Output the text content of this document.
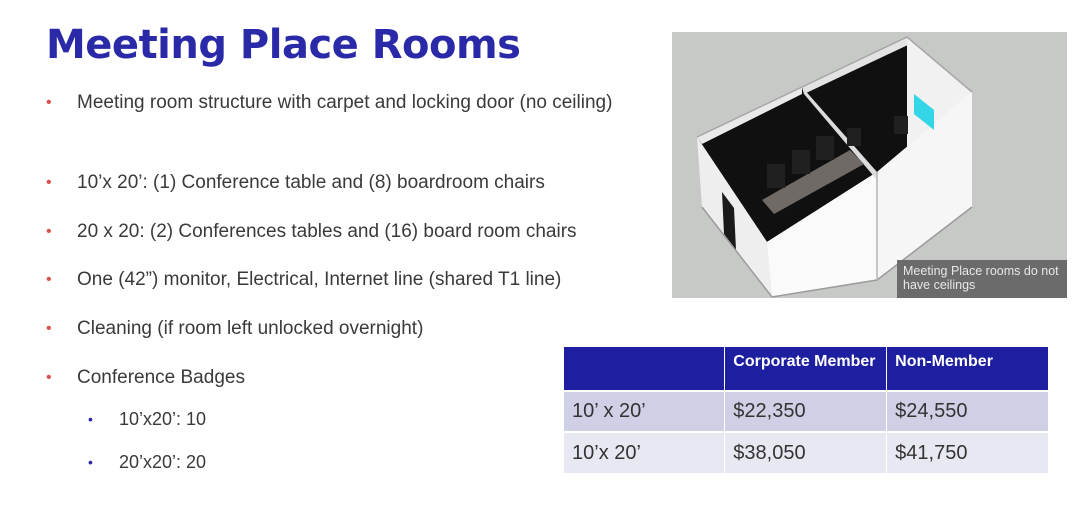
Meeting Place Rooms
• Meeting room structure with carpet and locking door (no ceiling)
• 10’x 20’: (1) Conference table and (8) boardroom chairs
• 20 x 20: (2) Conferences tables and (16) board room chairs
• One (42”) monitor, Electrical, Internet line (shared T1 line)
• Cleaning (if room left unlocked overnight)
• Conference Badges
• 10’x20’: 10
• 20’x20’: 20
Meeting Place rooms do not have ceilings
	Corporate Member	Non-Member
10’ x 20’	$22,350	$24,550
10’x 20’	$38,050	$41,750
